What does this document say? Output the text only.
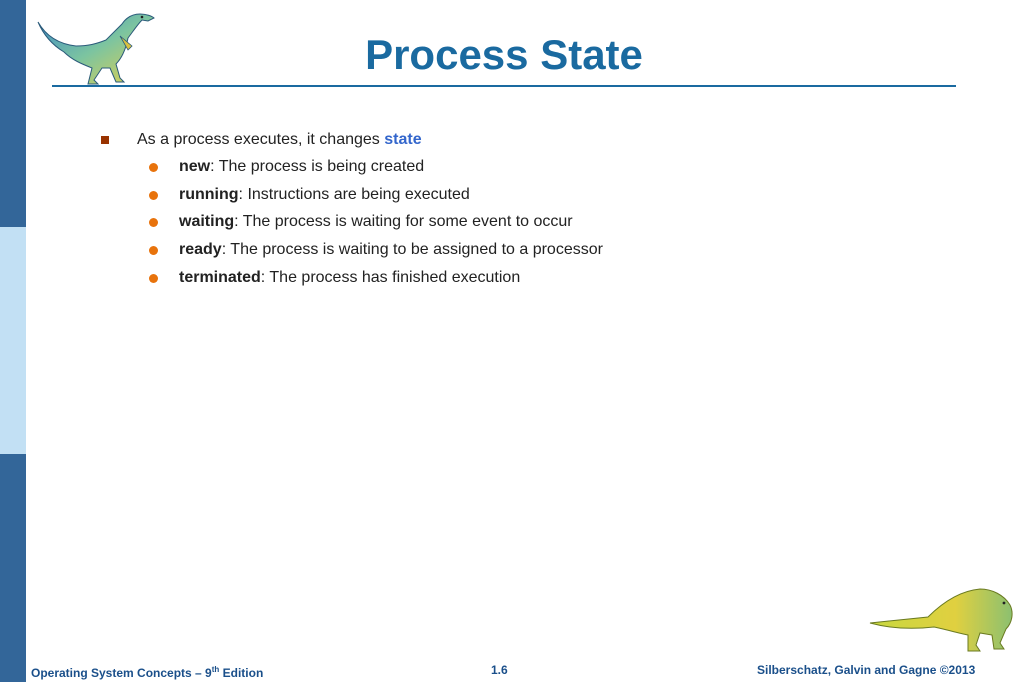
Process State
As a process executes, it changes state
new: The process is being created
running: Instructions are being executed
waiting: The process is waiting for some event to occur
ready: The process is waiting to be assigned to a processor
terminated: The process has finished execution
Operating System Concepts – 9th Edition	1.6	Silberschatz, Galvin and Gagne ©2013
